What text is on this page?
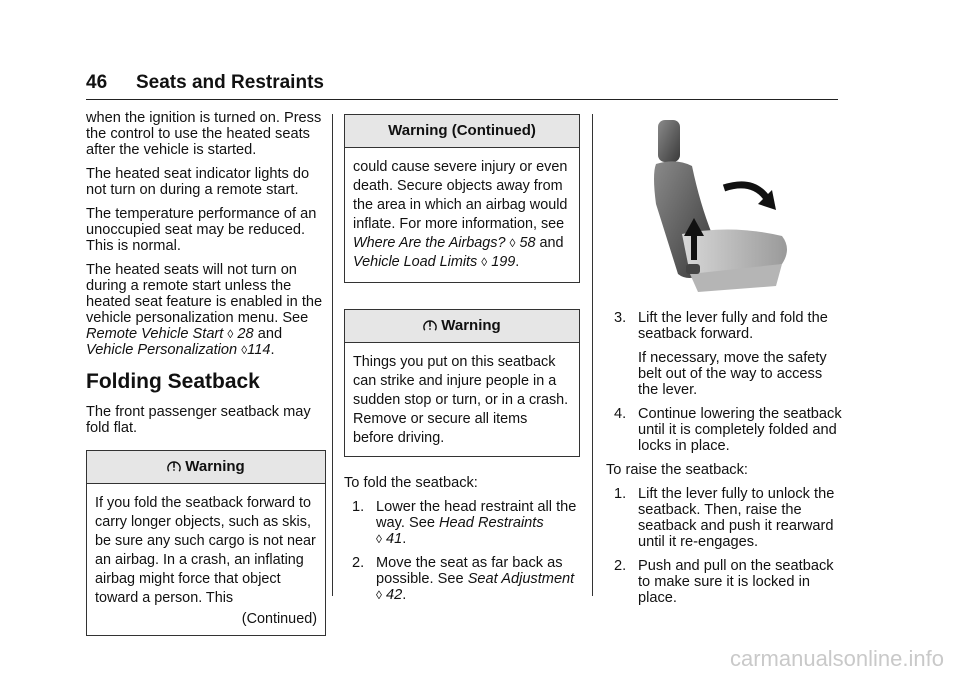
46 Seats and Restraints

when the ignition is turned on. Press the control to use the heated seats after the vehicle is started.

The heated seat indicator lights do not turn on during a remote start.

The temperature performance of an unoccupied seat may be reduced. This is normal.

The heated seats will not turn on during a remote start unless the heated seat feature is enabled in the vehicle personalization menu. See Remote Vehicle Start ◊ 28 and Vehicle Personalization ◊114.

Folding Seatback

The front passenger seatback may fold flat.

Warning

If you fold the seatback forward to carry longer objects, such as skis, be sure any such cargo is not near an airbag. In a crash, an inflating airbag might force that object toward a person. This

(Continued)
Warning (Continued)

could cause severe injury or even death. Secure objects away from the area in which an airbag would inflate. For more information, see Where Are the Airbags? ◊ 58 and Vehicle Load Limits ◊ 199.

Warning

Things you put on this seatback can strike and injure people in a sudden stop or turn, or in a crash. Remove or secure all items before driving.

To fold the seatback:

1. Lower the head restraint all the way. See Head Restraints
◊ 41.
2. Move the seat as far back as possible. See Seat Adjustment
◊ 42.
3. Lift the lever fully and fold the seatback forward.
If necessary, move the safety belt out of the way to access the lever.
4. Continue lowering the seatback until it is completely folded and locks in place.

To raise the seatback:

1. Lift the lever fully to unlock the seatback. Then, raise the seatback and push it rearward until it re-engages.
2. Push and pull on the seatback to make sure it is locked in place.
carmanualsonline.info
